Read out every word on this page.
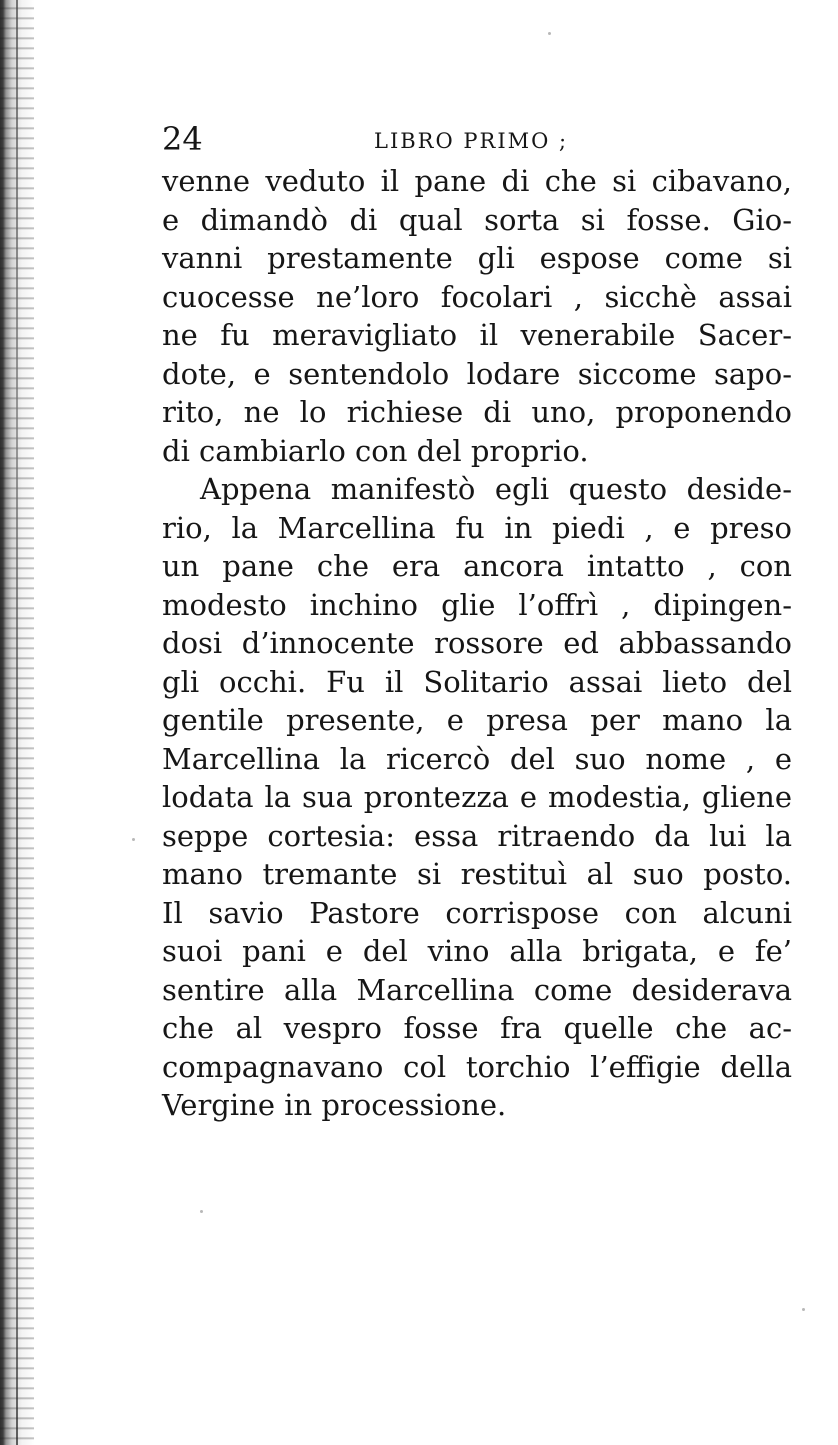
24	LIBRO PRIMO ;
venne veduto il pane di che si cibavano,
e dimandò di qual sorta si fosse. Gio-
vanni prestamente gli espose come si
cuocesse ne’loro focolari , sicchè assai
ne fu meravigliato il venerabile Sacer-
dote, e sentendolo lodare siccome sapo-
rito, ne lo richiese di uno, proponendo
di cambiarlo con del proprio.
Appena manifestò egli questo deside-
rio, la Marcellina fu in piedi , e preso
un pane che era ancora intatto , con
modesto inchino glie l’offrì , dipingen-
dosi d’innocente rossore ed abbassando
gli occhi. Fu il Solitario assai lieto del
gentile presente, e presa per mano la
Marcellina la ricercò del suo nome , e
lodata la sua prontezza e modestia, gliene
seppe cortesia: essa ritraendo da lui la
mano tremante si restituì al suo posto.
Il savio Pastore corrispose con alcuni
suoi pani e del vino alla brigata, e fe’
sentire alla Marcellina come desiderava
che al vespro fosse fra quelle che ac-
compagnavano col torchio l’effigie della
Vergine in processione.
